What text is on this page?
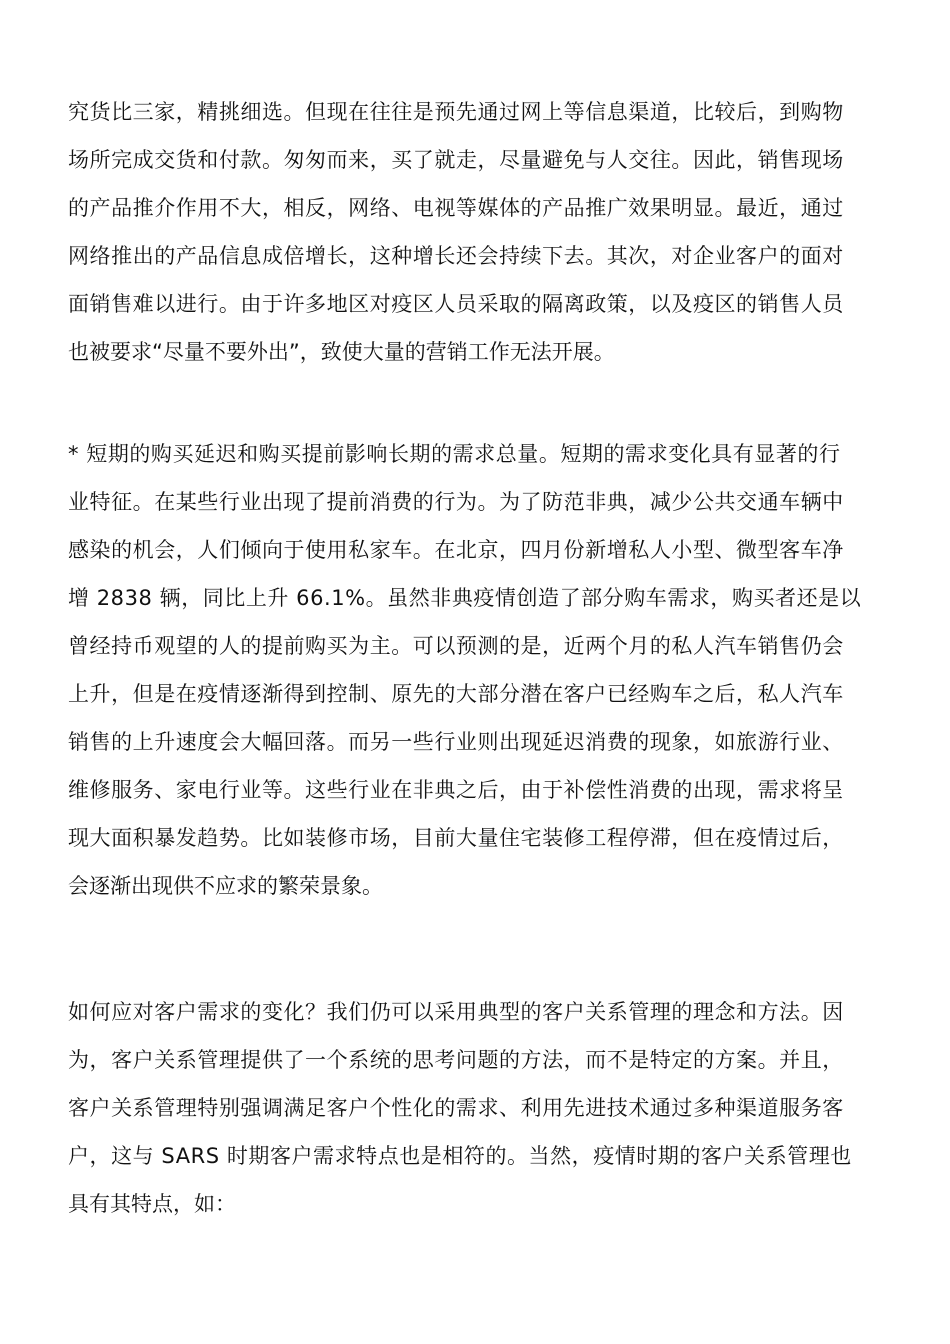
究货比三家，精挑细选。但现在往往是预先通过网上等信息渠道，比较后，到购物
场所完成交货和付款。匆匆而来，买了就走，尽量避免与人交往。因此，销售现场
的产品推介作用不大，相反，网络、电视等媒体的产品推广效果明显。最近，通过
网络推出的产品信息成倍增长，这种增长还会持续下去。其次，对企业客户的面对
面销售难以进行。由于许多地区对疫区人员采取的隔离政策，以及疫区的销售人员
也被要求“尽量不要外出”，致使大量的营销工作无法开展。
* 短期的购买延迟和购买提前影响长期的需求总量。短期的需求变化具有显著的行
业特征。在某些行业出现了提前消费的行为。为了防范非典，减少公共交通车辆中
感染的机会，人们倾向于使用私家车。在北京，四月份新增私人小型、微型客车净
增 2838 辆，同比上升 66.1%。虽然非典疫情创造了部分购车需求，购买者还是以
曾经持币观望的人的提前购买为主。可以预测的是，近两个月的私人汽车销售仍会
上升，但是在疫情逐渐得到控制、原先的大部分潜在客户已经购车之后，私人汽车
销售的上升速度会大幅回落。而另一些行业则出现延迟消费的现象，如旅游行业、
维修服务、家电行业等。这些行业在非典之后，由于补偿性消费的出现，需求将呈
现大面积暴发趋势。比如装修市场，目前大量住宅装修工程停滞，但在疫情过后，
会逐渐出现供不应求的繁荣景象。
如何应对客户需求的变化？我们仍可以采用典型的客户关系管理的理念和方法。因
为，客户关系管理提供了一个系统的思考问题的方法，而不是特定的方案。并且，
客户关系管理特别强调满足客户个性化的需求、利用先进技术通过多种渠道服务客
户，这与 SARS 时期客户需求特点也是相符的。当然，疫情时期的客户关系管理也
具有其特点，如：
